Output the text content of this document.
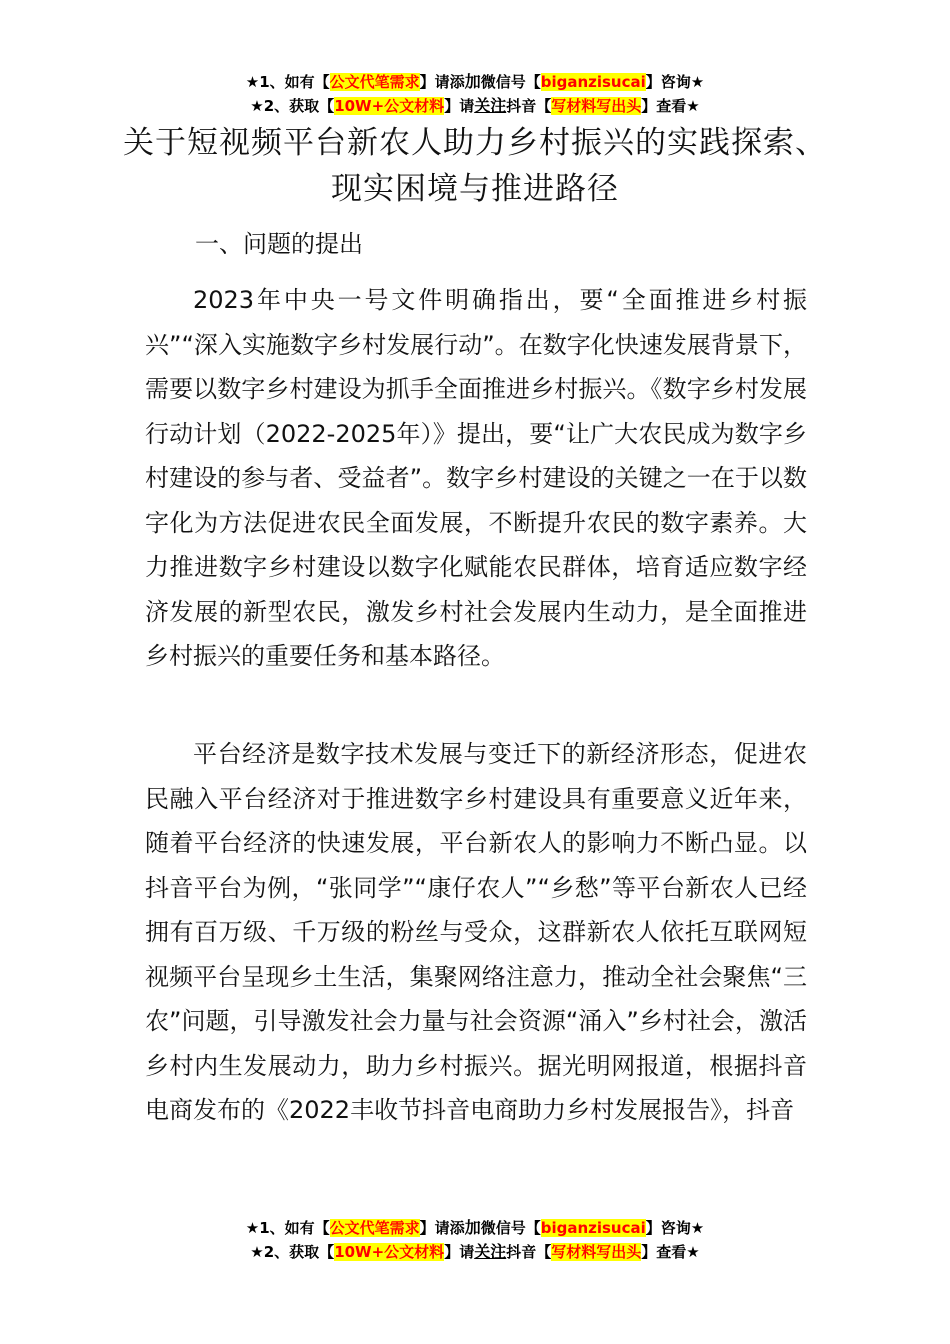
★1、如有【公文代笔需求】请添加微信号【biganzisucai】咨询★
★2、获取【10W+公文材料】请关注抖音【写材料写出头】查看★
关于短视频平台新农人助力乡村振兴的实践探索、现实困境与推进路径
一、问题的提出
2023年中央一号文件明确指出，要“全面推进乡村振兴”“深入实施数字乡村发展行动”。在数字化快速发展背景下，需要以数字乡村建设为抓手全面推进乡村振兴。《数字乡村发展行动计划（2022-2025年）》提出，要“让广大农民成为数字乡村建设的参与者、受益者”。数字乡村建设的关键之一在于以数字化为方法促进农民全面发展，不断提升农民的数字素养。大力推进数字乡村建设以数字化赋能农民群体，培育适应数字经济发展的新型农民，激发乡村社会发展内生动力，是全面推进乡村振兴的重要任务和基本路径。
平台经济是数字技术发展与变迁下的新经济形态，促进农民融入平台经济对于推进数字乡村建设具有重要意义近年来，随着平台经济的快速发展，平台新农人的影响力不断凸显。以抖音平台为例，“张同学”“康仔农人”“乡愁”等平台新农人已经拥有百万级、千万级的粉丝与受众，这群新农人依托互联网短视频平台呈现乡土生活，集聚网络注意力，推动全社会聚焦“三农”问题，引导激发社会力量与社会资源“涌入”乡村社会，激活乡村内生发展动力，助力乡村振兴。据光明网报道，根据抖音电商发布的《2022丰收节抖音电商助力乡村发展报告》，抖音
★1、如有【公文代笔需求】请添加微信号【biganzisucai】咨询★
★2、获取【10W+公文材料】请关注抖音【写材料写出头】查看★
